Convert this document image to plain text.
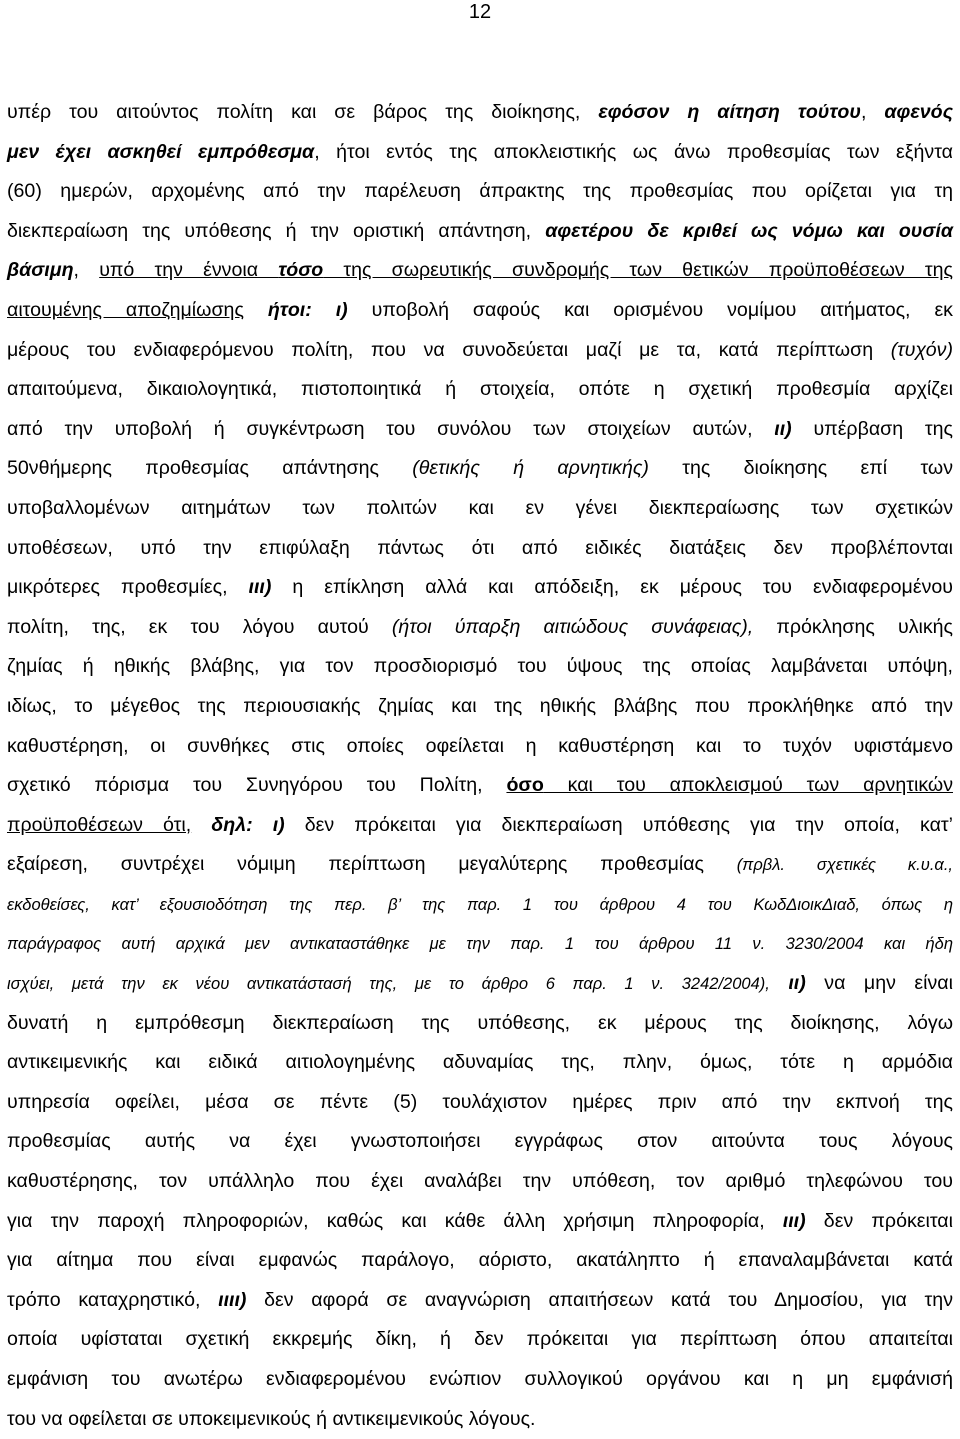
12
υπέρ του αιτούντος πολίτη και σε βάρος της διοίκησης, εφόσον η αίτηση τούτου, αφενός
μεν έχει ασκηθεί εμπρόθεσμα, ήτοι εντός της αποκλειστικής ως άνω προθεσμίας των εξήντα
(60) ημερών, αρχομένης από την παρέλευση άπρακτης της προθεσμίας που ορίζεται για τη
διεκπεραίωση της υπόθεσης ή την οριστική απάντηση, αφετέρου δε κριθεί ως νόμω και ουσία
βάσιμη, υπό την έννοια τόσο της σωρευτικής συνδρομής των θετικών προϋποθέσεων της
αιτουμένης αποζημίωσης ήτοι: ι) υποβολή σαφούς και ορισμένου νομίμου αιτήματος, εκ
μέρους του ενδιαφερόμενου πολίτη, που να συνοδεύεται μαζί με τα, κατά περίπτωση (τυχόν)
απαιτούμενα, δικαιολογητικά, πιστοποιητικά ή στοιχεία, οπότε η σχετική προθεσμία αρχίζει
από την υποβολή ή συγκέντρωση του συνόλου των στοιχείων αυτών, ιι) υπέρβαση της
50νθήμερης προθεσμίας απάντησης (θετικής ή αρνητικής) της διοίκησης επί των
υποβαλλομένων αιτημάτων των πολιτών και εν γένει διεκπεραίωσης των σχετικών
υποθέσεων, υπό την επιφύλαξη πάντως ότι από ειδικές διατάξεις δεν προβλέπονται
μικρότερες προθεσμίες, ιιι) η επίκληση αλλά και απόδειξη, εκ μέρους του ενδιαφερομένου
πολίτη, της, εκ του λόγου αυτού (ήτοι ύπαρξη αιτιώδους συνάφειας), πρόκλησης υλικής
ζημίας ή ηθικής βλάβης, για τον προσδιορισμό του ύψους της οποίας λαμβάνεται υπόψη,
ιδίως, το μέγεθος της περιουσιακής ζημίας και της ηθικής βλάβης που προκλήθηκε από την
καθυστέρηση, οι συνθήκες στις οποίες οφείλεται η καθυστέρηση και το τυχόν υφιστάμενο
σχετικό πόρισμα του Συνηγόρου του Πολίτη, όσο και του αποκλεισμού των αρνητικών
προϋποθέσεων ότι, δηλ: ι) δεν πρόκειται για διεκπεραίωση υπόθεσης για την οποία, κατ’
εξαίρεση, συντρέχει νόμιμη περίπτωση μεγαλύτερης προθεσμίας (πρβλ. σχετικές κ.υ.α.,
εκδοθείσες, κατ’ εξουσιοδότηση της περ. β’ της παρ. 1 του άρθρου 4 του ΚωδΔιοικΔιαδ, όπως η
παράγραφος αυτή αρχικά μεν αντικαταστάθηκε με την παρ. 1 του άρθρου 11 ν. 3230/2004 και ήδη
ισχύει, μετά την εκ νέου αντικατάστασή της, με το άρθρο 6 παρ. 1 ν. 3242/2004), ιι) να μην είναι
δυνατή η εμπρόθεσμη διεκπεραίωση της υπόθεσης, εκ μέρους της διοίκησης, λόγω
αντικειμενικής και ειδικά αιτιολογημένης αδυναμίας της, πλην, όμως, τότε η αρμόδια
υπηρεσία οφείλει, μέσα σε πέντε (5) τουλάχιστον ημέρες πριν από την εκπνοή της
προθεσμίας αυτής να έχει γνωστοποιήσει εγγράφως στον αιτούντα τους λόγους
καθυστέρησης, τον υπάλληλο που έχει αναλάβει την υπόθεση, τον αριθμό τηλεφώνου του
για την παροχή πληροφοριών, καθώς και κάθε άλλη χρήσιμη πληροφορία, ιιι) δεν πρόκειται
για αίτημα που είναι εμφανώς παράλογο, αόριστο, ακατάληπτο ή επαναλαμβάνεται κατά
τρόπο καταχρηστικό, ιιιι) δεν αφορά σε αναγνώριση απαιτήσεων κατά του Δημοσίου, για την
οποία υφίσταται σχετική εκκρεμής δίκη, ή δεν πρόκειται για περίπτωση όπου απαιτείται
εμφάνιση του ανωτέρω ενδιαφερομένου ενώπιον συλλογικού οργάνου και η μη εμφάνισή
του να οφείλεται σε υποκειμενικούς ή αντικειμενικούς λόγους.
